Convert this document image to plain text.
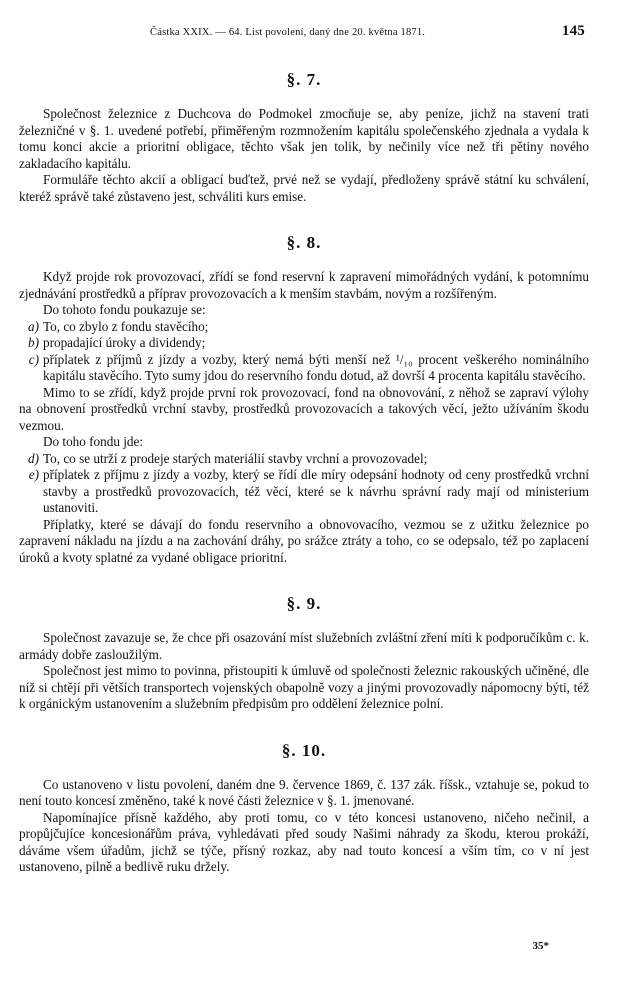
Částka XXIX. — 64. List povolení, daný dne 20. května 1871.	145
§. 7.

Společnost železnice z Duchcova do Podmokel zmocňuje se, aby peníze, jichž na stavení trati železničné v §. 1. uvedené potřebí, přiměřeným rozmnožením kapitálu společenského zjednala a vydala k tomu konci akcie a prioritní obligace, těchto však jen tolik, by nečinily více než tři pětiny nového zakladacího kapitálu.

Formuláře těchto akcií a obligací buďtež, prvé než se vydají, předloženy správě státní ku schválení, kteréž správě také zůstaveno jest, schváliti kurs emise.

§. 8.

Když projde rok provozovací, zřídí se fond reservní k zapravení mimořádných vydání, k potomnímu zjednávání prostředků a příprav provozovacích a k menším stavbám, novým a rozšířeným.

Do tohoto fondu poukazuje se:

a) To, co zbylo z fondu stavěcího;
b) propadající úroky a dividendy;
c) příplatek z příjmů z jízdy a vozby, který nemá býti menší než ¹/₁₀ procent veškerého nominálního kapitálu stavěcího. Tyto sumy jdou do reservního fondu dotud, až dovrší 4 procenta kapitálu stavěcího.

Mimo to se zřídí, když projde první rok provozovací, fond na obnovování, z něhož se zapraví výlohy na obnovení prostředků vrchní stavby, prostředků provozovacích a takových věcí, ježto užíváním škodu vezmou.

Do toho fondu jde:

d) To, co se utrží z prodeje starých materiálií stavby vrchní a provozovadel;
e) příplatek z příjmu z jízdy a vozby, který se řídí dle míry odepsání hodnoty od ceny prostředků vrchní stavby a prostředků provozovacích, též věcí, které se k návrhu správní rady mají od ministerium ustanoviti.

Příplatky, které se dávají do fondu reservního a obnovovacího, vezmou se z užitku železnice po zapravení nákladu na jízdu a na zachování dráhy, po srážce ztráty a toho, co se odepsalo, též po zaplacení úroků a kvoty splatné za vydané obligace prioritní.

§. 9.

Společnost zavazuje se, že chce při osazování míst služebních zvláštní zření míti k podporučíkům c. k. armády dobře zasloužilým.

Společnost jest mimo to povinna, přistoupiti k úmluvě od společnosti železnic rakouských učiněné, dle níž si chtějí při větších transportech vojenských obapolně vozy a jinými provozovadly nápomocny býti, též k orgánickým ustanovením a služebním předpisům pro oddělení železnice polní.

§. 10.

Co ustanoveno v listu povolení, daném dne 9. července 1869, č. 137 zák. říšsk., vztahuje se, pokud to není touto koncesí změněno, také k nové části železnice v §. 1. jmenované.

Napomínajíce přísně každého, aby proti tomu, co v této koncesi ustanoveno, ničeho nečinil, a propůjčujíce koncesionářům práva, vyhledávati před soudy Našimi náhrady za škodu, kterou prokáží, dáváme všem úřadům, jichž se týče, přísný rozkaz, aby nad touto koncesí a vším tím, co v ní jest ustanoveno, pilně a bedlivě ruku držely.

35*
